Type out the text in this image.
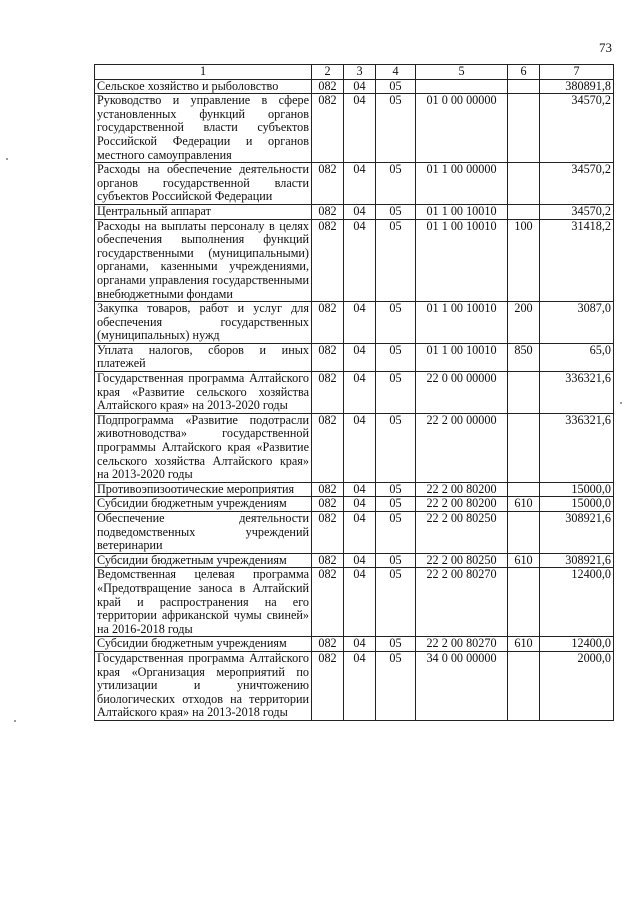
73
1	2	3	4	5	6	7
Сельское хозяйство и рыболовство	082	04	05			380891,8
Руководство и управление в сфере установленных функций органов государственной власти субъектов Российской Федерации и органов местного самоуправления	082	04	05	01 0 00 00000		34570,2
Расходы на обеспечение деятельности органов государственной власти субъектов Российской Федерации	082	04	05	01 1 00 00000		34570,2
Центральный аппарат	082	04	05	01 1 00 10010		34570,2
Расходы на выплаты персоналу в целях обеспечения выполнения функций государственными (муниципальными) органами, казенными учреждениями, органами управления государственными внебюджетными фондами	082	04	05	01 1 00 10010	100	31418,2
Закупка товаров, работ и услуг для обеспечения государственных (муниципальных) нужд	082	04	05	01 1 00 10010	200	3087,0
Уплата налогов, сборов и иных платежей	082	04	05	01 1 00 10010	850	65,0
Государственная программа Алтайского края «Развитие сельского хозяйства Алтайского края» на 2013-2020 годы	082	04	05	22 0 00 00000		336321,6
Подпрограмма «Развитие подотрасли животноводства» государственной программы Алтайского края «Развитие сельского хозяйства Алтайского края» на 2013-2020 годы	082	04	05	22 2 00 00000		336321,6
Противоэпизоотические мероприятия	082	04	05	22 2 00 80200		15000,0
Субсидии бюджетным учреждениям	082	04	05	22 2 00 80200	610	15000,0
Обеспечение деятельности подведомственных учреждений ветеринарии	082	04	05	22 2 00 80250		308921,6
Субсидии бюджетным учреждениям	082	04	05	22 2 00 80250	610	308921,6
Ведомственная целевая программа «Предотвращение заноса в Алтайский край и распространения на его территории африканской чумы свиней» на 2016-2018 годы	082	04	05	22 2 00 80270		12400,0
Субсидии бюджетным учреждениям	082	04	05	22 2 00 80270	610	12400,0
Государственная программа Алтайского края «Организация мероприятий по утилизации и уничтожению биологических отходов на территории Алтайского края» на 2013-2018 годы	082	04	05	34 0 00 00000		2000,0
